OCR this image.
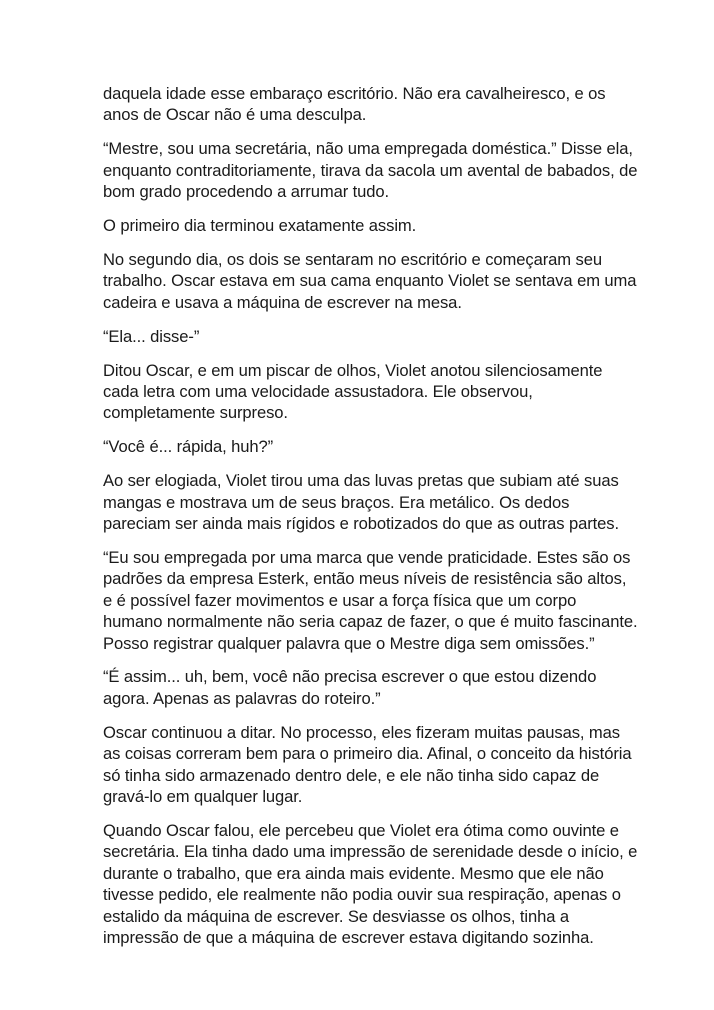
daquela idade esse embaraço escritório. Não era cavalheiresco, e os
anos de Oscar não é uma desculpa.

“Mestre, sou uma secretária, não uma empregada doméstica.” Disse ela,
enquanto contraditoriamente, tirava da sacola um avental de babados, de
bom grado procedendo a arrumar tudo.

O primeiro dia terminou exatamente assim.

No segundo dia, os dois se sentaram no escritório e começaram seu
trabalho. Oscar estava em sua cama enquanto Violet se sentava em uma
cadeira e usava a máquina de escrever na mesa.

“Ela... disse-”

Ditou Oscar, e em um piscar de olhos, Violet anotou silenciosamente
cada letra com uma velocidade assustadora. Ele observou,
completamente surpreso.

“Você é... rápida, huh?”

Ao ser elogiada, Violet tirou uma das luvas pretas que subiam até suas
mangas e mostrava um de seus braços. Era metálico. Os dedos
pareciam ser ainda mais rígidos e robotizados do que as outras partes.

“Eu sou empregada por uma marca que vende praticidade. Estes são os
padrões da empresa Esterk, então meus níveis de resistência são altos,
e é possível fazer movimentos e usar a força física que um corpo
humano normalmente não seria capaz de fazer, o que é muito fascinante.
Posso registrar qualquer palavra que o Mestre diga sem omissões.”

“É assim... uh, bem, você não precisa escrever o que estou dizendo
agora. Apenas as palavras do roteiro.”

Oscar continuou a ditar. No processo, eles fizeram muitas pausas, mas
as coisas correram bem para o primeiro dia. Afinal, o conceito da história
só tinha sido armazenado dentro dele, e ele não tinha sido capaz de
gravá-lo em qualquer lugar.

Quando Oscar falou, ele percebeu que Violet era ótima como ouvinte e
secretária. Ela tinha dado uma impressão de serenidade desde o início, e
durante o trabalho, que era ainda mais evidente. Mesmo que ele não
tivesse pedido, ele realmente não podia ouvir sua respiração, apenas o
estalido da máquina de escrever. Se desviasse os olhos, tinha a
impressão de que a máquina de escrever estava digitando sozinha.
